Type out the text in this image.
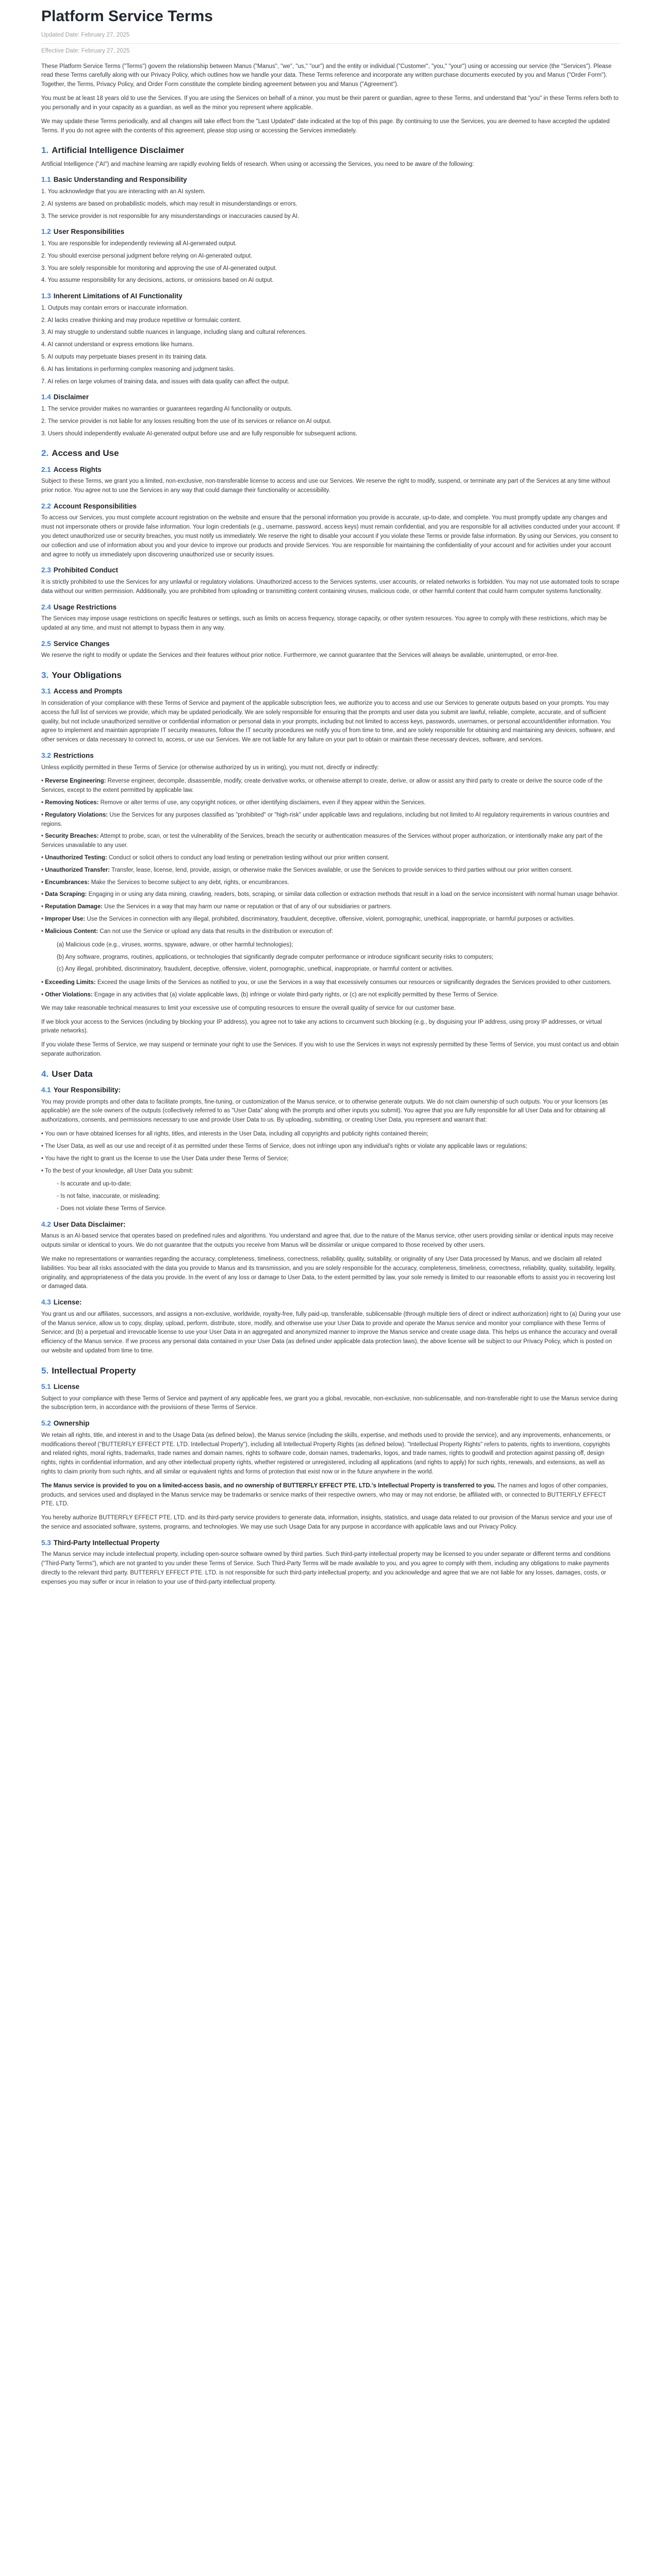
Platform Service Terms
Updated Date: February 27, 2025
Effective Date: February 27, 2025

These Platform Service Terms ("Terms") govern the relationship between Manus ("Manus", "we", "us," "our") and the entity or individual ("Customer", "you," "your") using or accessing our service (the "Services"). Please read these Terms carefully along with our Privacy Policy, which outlines how we handle your data. These Terms reference and incorporate any written purchase documents executed by you and Manus ("Order Form"). Together, the Terms, Privacy Policy, and Order Form constitute the complete binding agreement between you and Manus ("Agreement").

You must be at least 18 years old to use the Services. If you are using the Services on behalf of a minor, you must be their parent or guardian, agree to these Terms, and understand that "you" in these Terms refers both to you personally and in your capacity as a guardian, as well as the minor you represent where applicable.

We may update these Terms periodically, and all changes will take effect from the "Last Updated" date indicated at the top of this page. By continuing to use the Services, you are deemed to have accepted the updated Terms. If you do not agree with the contents of this agreement, please stop using or accessing the Services immediately.

1. Artificial Intelligence Disclaimer

Artificial Intelligence ("AI") and machine learning are rapidly evolving fields of research. When using or accessing the Services, you need to be aware of the following:

1.1 Basic Understanding and Responsibility
1. You acknowledge that you are interacting with an AI system.
2. AI systems are based on probabilistic models, which may result in misunderstandings or errors.
3. The service provider is not responsible for any misunderstandings or inaccuracies caused by AI.
1.2 User Responsibilities
1. You are responsible for independently reviewing all AI-generated output.
2. You should exercise personal judgment before relying on AI-generated output.
3. You are solely responsible for monitoring and approving the use of AI-generated output.
4. You assume responsibility for any decisions, actions, or omissions based on AI output.
1.3 Inherent Limitations of AI Functionality
1. Outputs may contain errors or inaccurate information.
2. AI lacks creative thinking and may produce repetitive or formulaic content.
3. AI may struggle to understand subtle nuances in language, including slang and cultural references.
4. AI cannot understand or express emotions like humans.
5. AI outputs may perpetuate biases present in its training data.
6. AI has limitations in performing complex reasoning and judgment tasks.
7. AI relies on large volumes of training data, and issues with data quality can affect the output.
1.4 Disclaimer
1. The service provider makes no warranties or guarantees regarding AI functionality or outputs.
2. The service provider is not liable for any losses resulting from the use of its services or reliance on AI output.
3. Users should independently evaluate AI-generated output before use and are fully responsible for subsequent actions.
2. Access and Use
2.1 Access Rights

Subject to these Terms, we grant you a limited, non-exclusive, non-transferable license to access and use our Services. We reserve the right to modify, suspend, or terminate any part of the Services at any time without prior notice. You agree not to use the Services in any way that could damage their functionality or accessibility.

2.2 Account Responsibilities

To access our Services, you must complete account registration on the website and ensure that the personal information you provide is accurate, up-to-date, and complete. You must promptly update any changes and must not impersonate others or provide false information. Your login credentials (e.g., username, password, access keys) must remain confidential, and you are responsible for all activities conducted under your account. If you detect unauthorized use or security breaches, you must notify us immediately. We reserve the right to disable your account if you violate these Terms or provide false information. By using our Services, you consent to our collection and use of information about you and your device to improve our products and provide Services. You are responsible for maintaining the confidentiality of your account and for activities under your account and agree to notify us immediately upon discovering unauthorized use or security issues.

2.3 Prohibited Conduct

It is strictly prohibited to use the Services for any unlawful or regulatory violations. Unauthorized access to the Services systems, user accounts, or related networks is forbidden. You may not use automated tools to scrape data without our written permission. Additionally, you are prohibited from uploading or transmitting content containing viruses, malicious code, or other harmful content that could harm computer systems functionality.

2.4 Usage Restrictions

The Services may impose usage restrictions on specific features or settings, such as limits on access frequency, storage capacity, or other system resources. You agree to comply with these restrictions, which may be updated at any time, and must not attempt to bypass them in any way.

2.5 Service Changes

We reserve the right to modify or update the Services and their features without prior notice. Furthermore, we cannot guarantee that the Services will always be available, uninterrupted, or error-free.

3. Your Obligations
3.1 Access and Prompts

In consideration of your compliance with these Terms of Service and payment of the applicable subscription fees, we authorize you to access and use our Services to generate outputs based on your prompts. You may access the full list of services we provide, which may be updated periodically. We are solely responsible for ensuring that the prompts and user data you submit are lawful, reliable, complete, accurate, and of sufficient quality, but not include unauthorized sensitive or confidential information or personal data in your prompts, including but not limited to access keys, passwords, usernames, or personal account/identifier information. You agree to implement and maintain appropriate IT security measures, follow the IT security procedures we notify you of from time to time, and are solely responsible for obtaining and maintaining any devices, software, and other services or data necessary to connect to, access, or use our Services. We are not liable for any failure on your part to obtain or maintain these necessary devices, software, and services.

3.2 Restrictions

Unless explicitly permitted in these Terms of Service (or otherwise authorized by us in writing), you must not, directly or indirectly:

• Reverse Engineering: Reverse engineer, decompile, disassemble, modify, create derivative works, or otherwise attempt to create, derive, or allow or assist any third party to create or derive the source code of the Services, except to the extent permitted by applicable law.
• Removing Notices: Remove or alter terms of use, any copyright notices, or other identifying disclaimers, even if they appear within the Services.
• Regulatory Violations: Use the Services for any purposes classified as "prohibited" or "high-risk" under applicable laws and regulations, including but not limited to AI regulatory requirements in various countries and regions.
• Security Breaches: Attempt to probe, scan, or test the vulnerability of the Services, breach the security or authentication measures of the Services without proper authorization, or intentionally make any part of the Services unavailable to any user.
• Unauthorized Testing: Conduct or solicit others to conduct any load testing or penetration testing without our prior written consent.
• Unauthorized Transfer: Transfer, lease, license, lend, provide, assign, or otherwise make the Services available, or use the Services to provide services to third parties without our prior written consent.
• Encumbrances: Make the Services to become subject to any debt, rights, or encumbrances.
• Data Scraping: Engaging in or using any data mining, crawling, readers, bots, scraping, or similar data collection or extraction methods that result in a load on the service inconsistent with normal human usage behavior.
• Reputation Damage: Use the Services in a way that may harm our name or reputation or that of any of our subsidiaries or partners.
• Improper Use: Use the Services in connection with any illegal, prohibited, discriminatory, fraudulent, deceptive, offensive, violent, pornographic, unethical, inappropriate, or harmful purposes or activities.
• Malicious Content: Can not use the Service or upload any data that results in the distribution or execution of:
(a) Malicious code (e.g., viruses, worms, spyware, adware, or other harmful technologies);
(b) Any software, programs, routines, applications, or technologies that significantly degrade computer performance or introduce significant security risks to computers;
(c) Any illegal, prohibited, discriminatory, fraudulent, deceptive, offensive, violent, pornographic, unethical, inappropriate, or harmful content or activities.
• Exceeding Limits: Exceed the usage limits of the Services as notified to you, or use the Services in a way that excessively consumes our resources or significantly degrades the Services provided to other customers.
• Other Violations: Engage in any activities that (a) violate applicable laws, (b) infringe or violate third-party rights, or (c) are not explicitly permitted by these Terms of Service.

We may take reasonable technical measures to limit your excessive use of computing resources to ensure the overall quality of service for our customer base.

If we block your access to the Services (including by blocking your IP address), you agree not to take any actions to circumvent such blocking (e.g., by disguising your IP address, using proxy IP addresses, or virtual private networks).

If you violate these Terms of Service, we may suspend or terminate your right to use the Services. If you wish to use the Services in ways not expressly permitted by these Terms of Service, you must contact us and obtain separate authorization.

4. User Data
4.1 Your Responsibility:

You may provide prompts and other data to facilitate prompts, fine-tuning, or customization of the Manus service, or to otherwise generate outputs. We do not claim ownership of such outputs. You or your licensors (as applicable) are the sole owners of the outputs (collectively referred to as "User Data" along with the prompts and other inputs you submit). You agree that you are fully responsible for all User Data and for obtaining all authorizations, consents, and permissions necessary to use and provide User Data to us. By uploading, submitting, or creating User Data, you represent and warrant that:

• You own or have obtained licenses for all rights, titles, and interests in the User Data, including all copyrights and publicity rights contained therein;
• The User Data, as well as our use and receipt of it as permitted under these Terms of Service, does not infringe upon any individual's rights or violate any applicable laws or regulations;
• You have the right to grant us the license to use the User Data under these Terms of Service;
• To the best of your knowledge, all User Data you submit:
◦ Is accurate and up-to-date;
◦ Is not false, inaccurate, or misleading;
◦ Does not violate these Terms of Service.
4.2 User Data Disclaimer:

Manus is an AI-based service that operates based on predefined rules and algorithms. You understand and agree that, due to the nature of the Manus service, other users providing similar or identical inputs may receive outputs similar or identical to yours. We do not guarantee that the outputs you receive from Manus will be dissimilar or unique compared to those received by other users.

We make no representations or warranties regarding the accuracy, completeness, timeliness, correctness, reliability, quality, suitability, or originality of any User Data processed by Manus, and we disclaim all related liabilities. You bear all risks associated with the data you provide to Manus and its transmission, and you are solely responsible for the accuracy, completeness, timeliness, correctness, reliability, quality, suitability, legality, originality, and appropriateness of the data you provide. In the event of any loss or damage to User Data, to the extent permitted by law, your sole remedy is limited to our reasonable efforts to assist you in recovering lost or damaged data.

4.3 License:

You grant us and our affiliates, successors, and assigns a non-exclusive, worldwide, royalty-free, fully paid-up, transferable, sublicensable (through multiple tiers of direct or indirect authorization) right to (a) During your use of the Manus service, allow us to copy, display, upload, perform, distribute, store, modify, and otherwise use your User Data to provide and operate the Manus service and monitor your compliance with these Terms of Service; and (b) a perpetual and irrevocable license to use your User Data in an aggregated and anonymized manner to improve the Manus service and create usage data. This helps us enhance the accuracy and overall efficiency of the Manus service. If we process any personal data contained in your User Data (as defined under applicable data protection laws), the above license will be subject to our Privacy Policy, which is posted on our website and updated from time to time.

5. Intellectual Property
5.1 License

Subject to your compliance with these Terms of Service and payment of any applicable fees, we grant you a global, revocable, non-exclusive, non-sublicensable, and non-transferable right to use the Manus service during the subscription term, in accordance with the provisions of these Terms of Service.

5.2 Ownership

We retain all rights, title, and interest in and to the Usage Data (as defined below), the Manus service (including the skills, expertise, and methods used to provide the service), and any improvements, enhancements, or modifications thereof ("BUTTERFLY EFFECT PTE. LTD. Intellectual Property"), including all Intellectual Property Rights (as defined below). "Intellectual Property Rights" refers to patents, rights to inventions, copyrights and related rights, moral rights, trademarks, trade names and domain names, rights to software code, domain names, trademarks, logos, and trade names, rights to goodwill and protection against passing off, design rights, rights in confidential information, and any other intellectual property rights, whether registered or unregistered, including all applications (and rights to apply) for such rights, renewals, and extensions, as well as rights to claim priority from such rights, and all similar or equivalent rights and forms of protection that exist now or in the future anywhere in the world.

The Manus service is provided to you on a limited-access basis, and no ownership of BUTTERFLY EFFECT PTE. LTD.'s Intellectual Property is transferred to you. The names and logos of other companies, products, and services used and displayed in the Manus service may be trademarks or service marks of their respective owners, who may or may not endorse, be affiliated with, or connected to BUTTERFLY EFFECT PTE. LTD.

You hereby authorize BUTTERFLY EFFECT PTE. LTD. and its third-party service providers to generate data, information, insights, statistics, and usage data related to our provision of the Manus service and your use of the service and associated software, systems, programs, and technologies. We may use such Usage Data for any purpose in accordance with applicable laws and our Privacy Policy.

5.3 Third-Party Intellectual Property

The Manus service may include intellectual property, including open-source software owned by third parties. Such third-party intellectual property may be licensed to you under separate or different terms and conditions ("Third-Party Terms"), which are not granted to you under these Terms of Service. Such Third-Party Terms will be made available to you, and you agree to comply with them, including any obligations to make payments directly to the relevant third party. BUTTERFLY EFFECT PTE. LTD. is not responsible for such third-party intellectual property, and you acknowledge and agree that we are not liable for any losses, damages, costs, or expenses you may suffer or incur in relation to your use of third-party intellectual property.
